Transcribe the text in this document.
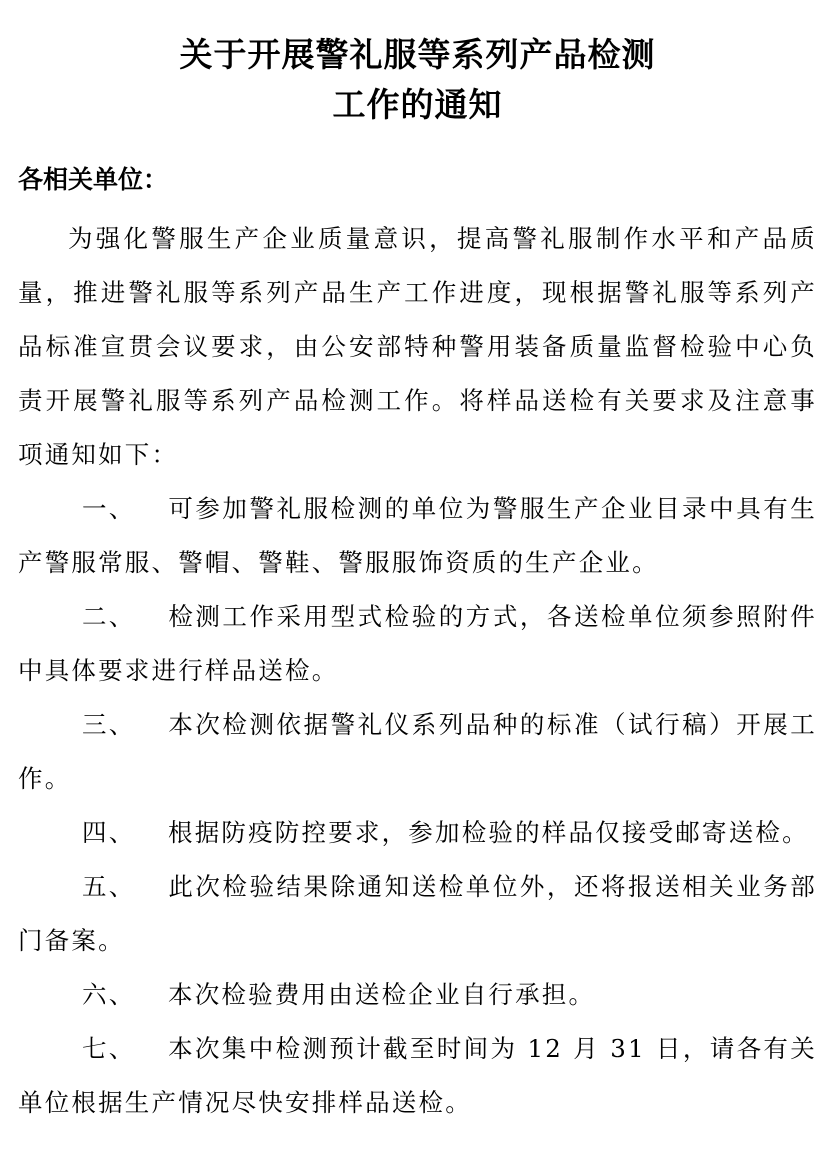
关于开展警礼服等系列产品检测
工作的通知

各相关单位：

为强化警服生产企业质量意识，提高警礼服制作水平和产品质量，推进警礼服等系列产品生产工作进度，现根据警礼服等系列产品标准宣贯会议要求，由公安部特种警用装备质量监督检验中心负责开展警礼服等系列产品检测工作。将样品送检有关要求及注意事项通知如下：

一、 可参加警礼服检测的单位为警服生产企业目录中具有生产警服常服、警帽、警鞋、警服服饰资质的生产企业。

二、 检测工作采用型式检验的方式，各送检单位须参照附件中具体要求进行样品送检。

三、 本次检测依据警礼仪系列品种的标准（试行稿）开展工作。

四、 根据防疫防控要求，参加检验的样品仅接受邮寄送检。

五、 此次检验结果除通知送检单位外，还将报送相关业务部门备案。

六、 本次检验费用由送检企业自行承担。

七、 本次集中检测预计截至时间为 12 月 31 日，请各有关单位根据生产情况尽快安排样品送检。
